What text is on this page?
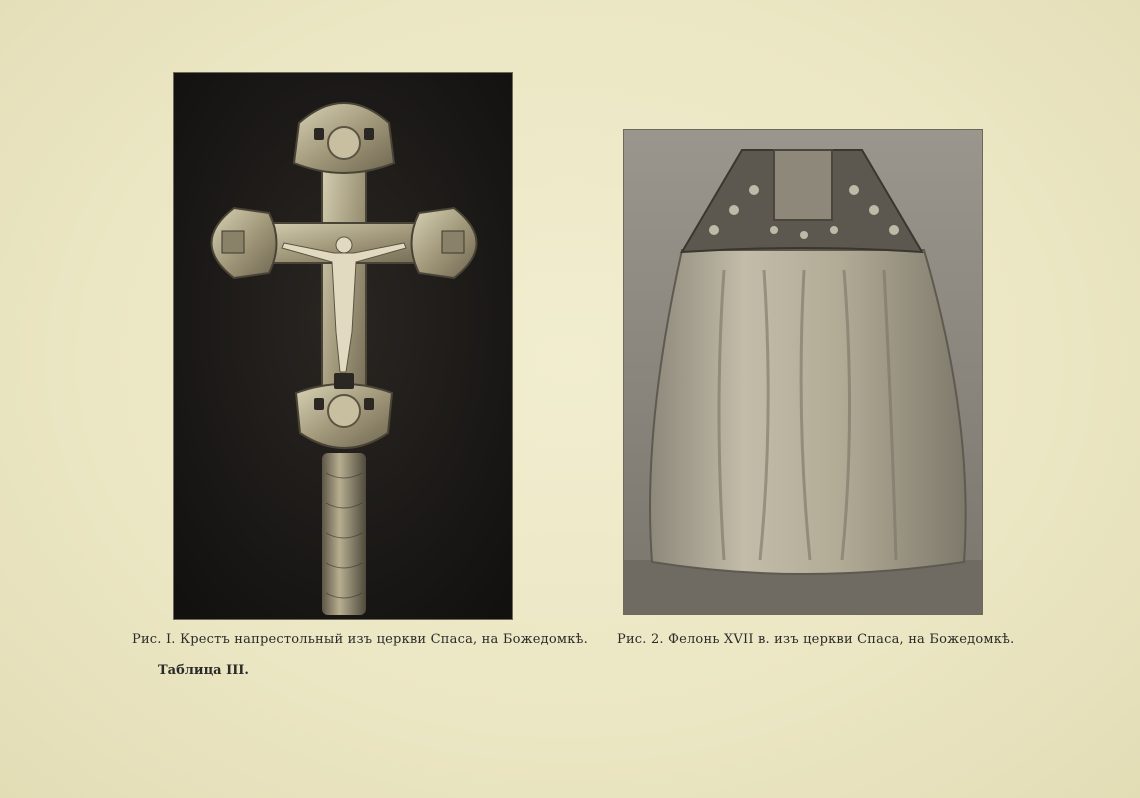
Рис. I. Крестъ напрестольный изъ церкви Спаса, на Божедомкѣ. Рис. 2. Фелонь XVII в. изъ церкви Спаса, на Божедомкѣ.
Таблица III.
